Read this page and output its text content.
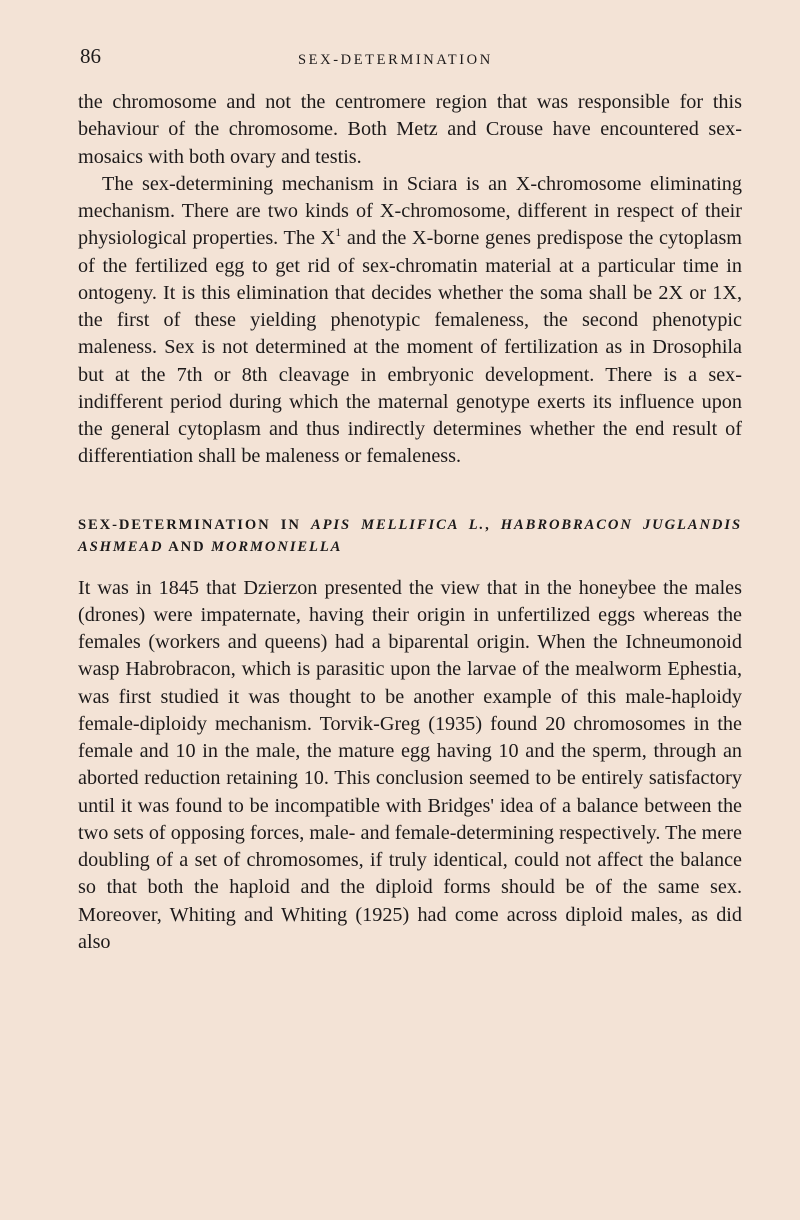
86	SEX-DETERMINATION

the chromosome and not the centromere region that was responsible for this behaviour of the chromosome. Both Metz and Crouse have encountered sex-mosaics with both ovary and testis.

The sex-determining mechanism in Sciara is an X-chromosome eliminating mechanism. There are two kinds of X-chromosome, different in respect of their physiological properties. The $X^1$ and the X-borne genes predispose the cytoplasm of the fertilized egg to get rid of sex-chromatin material at a particular time in ontogeny. It is this elimination that decides whether the soma shall be 2X or 1X, the first of these yielding phenotypic femaleness, the second phenotypic maleness. Sex is not determined at the moment of fertilization as in Drosophila but at the 7th or 8th cleavage in embryonic development. There is a sex-indifferent period during which the maternal genotype exerts its influence upon the general cytoplasm and thus indirectly determines whether the end result of differentiation shall be maleness or femaleness.

SEX-DETERMINATION IN APIS MELLIFICA L., HABROBRACON JUGLANDIS ASHMEAD AND MORMONIELLA

It was in 1845 that Dzierzon presented the view that in the honeybee the males (drones) were impaternate, having their origin in unfertilized eggs whereas the females (workers and queens) had a biparental origin. When the Ichneumonoid wasp Habrobracon, which is parasitic upon the larvae of the mealworm Ephestia, was first studied it was thought to be another example of this male-haploidy female-diploidy mechanism. Torvik-Greg (1935) found 20 chromosomes in the female and 10 in the male, the mature egg having 10 and the sperm, through an aborted reduction retaining 10. This conclusion seemed to be entirely satisfactory until it was found to be incompatible with Bridges' idea of a balance between the two sets of opposing forces, male- and female-determining respectively. The mere doubling of a set of chromosomes, if truly identical, could not affect the balance so that both the haploid and the diploid forms should be of the same sex. Moreover, Whiting and Whiting (1925) had come across diploid males, as did also
